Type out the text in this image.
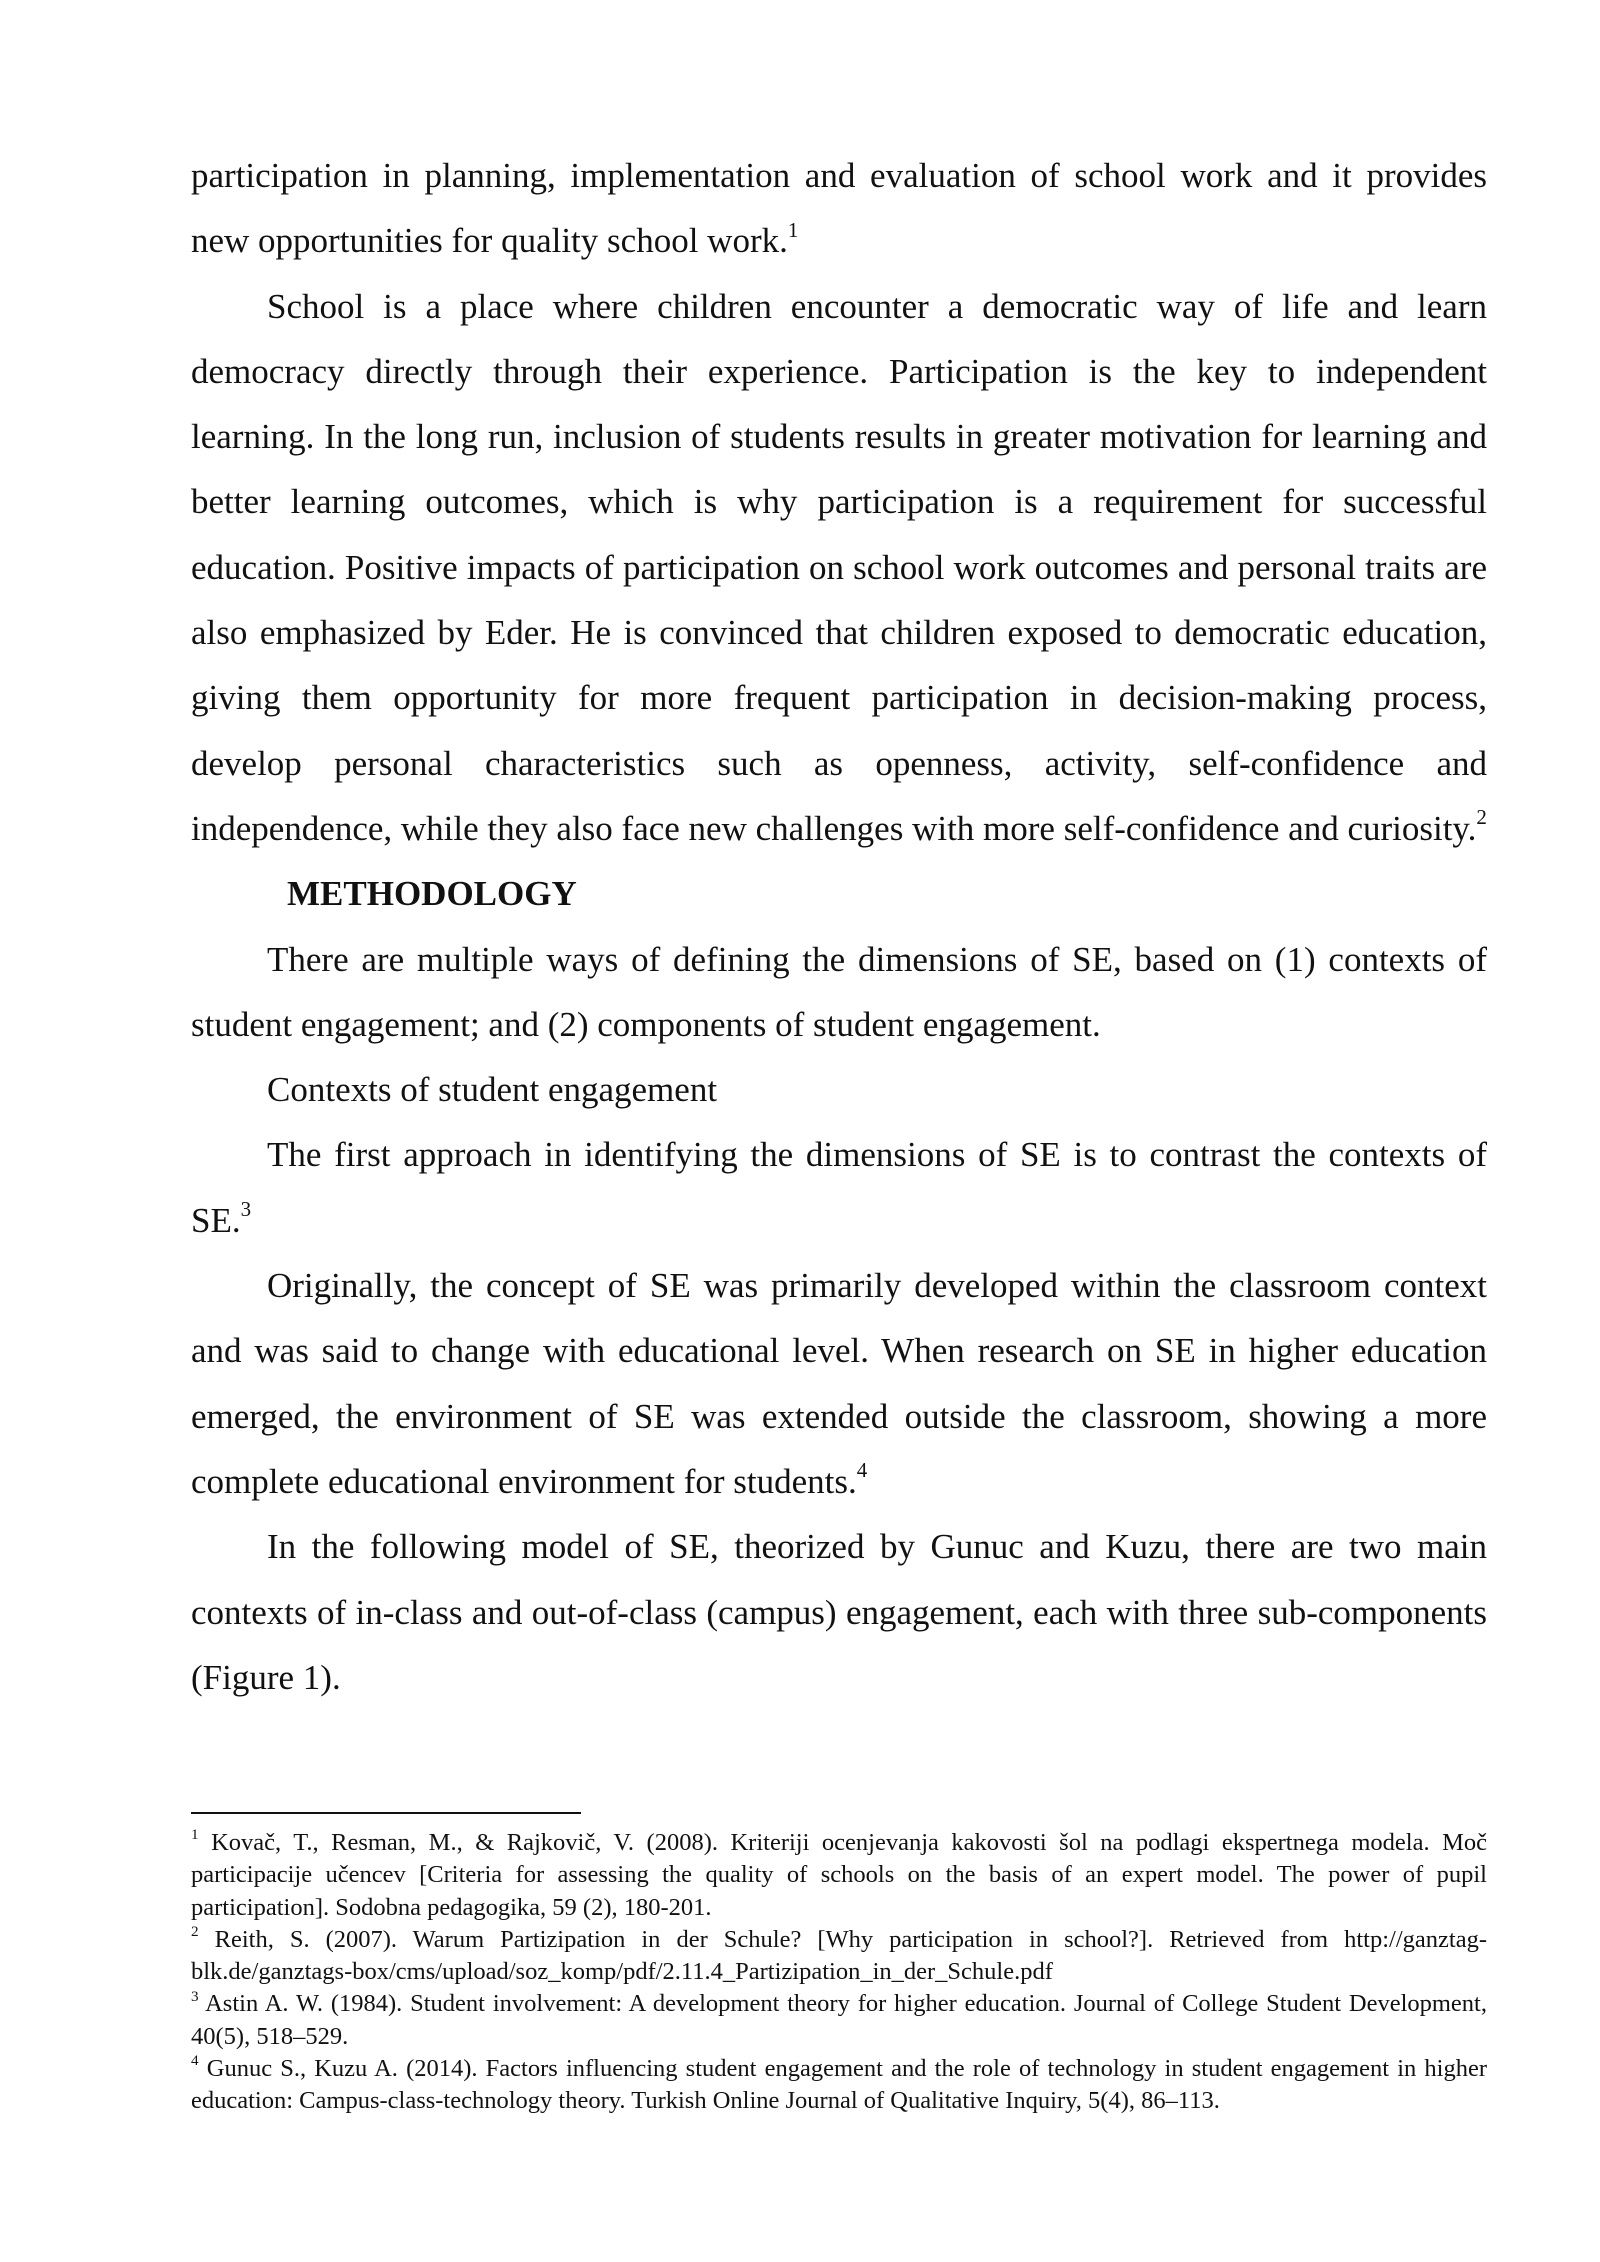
participation in planning, implementation and evaluation of school work and it provides new opportunities for quality school work.$^1$

School is a place where children encounter a democratic way of life and learn democracy directly through their experience. Participation is the key to independent learning. In the long run, inclusion of students results in greater motivation for learning and better learning outcomes, which is why participation is a requirement for successful education. Positive impacts of participation on school work outcomes and personal traits are also emphasized by Eder. He is convinced that children exposed to democratic education, giving them opportunity for more frequent participation in decision-making process, develop personal characteristics such as openness, activity, self-confidence and independence, while they also face new challenges with more self-confidence and curiosity.$^2$

METHODOLOGY

There are multiple ways of defining the dimensions of SE, based on (1) contexts of student engagement; and (2) components of student engagement.

Contexts of student engagement

The first approach in identifying the dimensions of SE is to contrast the contexts of SE.$^3$

Originally, the concept of SE was primarily developed within the classroom context and was said to change with educational level. When research on SE in higher education emerged, the environment of SE was extended outside the classroom, showing a more complete educational environment for students.$^4$

In the following model of SE, theorized by Gunuc and Kuzu, there are two main contexts of in-class and out-of-class (campus) engagement, each with three sub-components (Figure 1).

$^1$ Kovač, T., Resman, M., & Rajkovič, V. (2008). Kriteriji ocenjevanja kakovosti šol na podlagi ekspertnega modela. Moč participacije učencev [Criteria for assessing the quality of schools on the basis of an expert model. The power of pupil participation]. Sodobna pedagogika, 59 (2), 180-201.

$^2$ Reith, S. (2007). Warum Partizipation in der Schule? [Why participation in school?]. Retrieved from http://ganztag-blk.de/ganztags-box/cms/upload/soz_komp/pdf/2.11.4_Partizipation_in_der_Schule.pdf

$^3$ Astin A. W. (1984). Student involvement: A development theory for higher education. Journal of College Student Development, 40(5), 518–529.

$^4$ Gunuc S., Kuzu A. (2014). Factors influencing student engagement and the role of technology in student engagement in higher education: Campus-class-technology theory. Turkish Online Journal of Qualitative Inquiry, 5(4), 86–113.
